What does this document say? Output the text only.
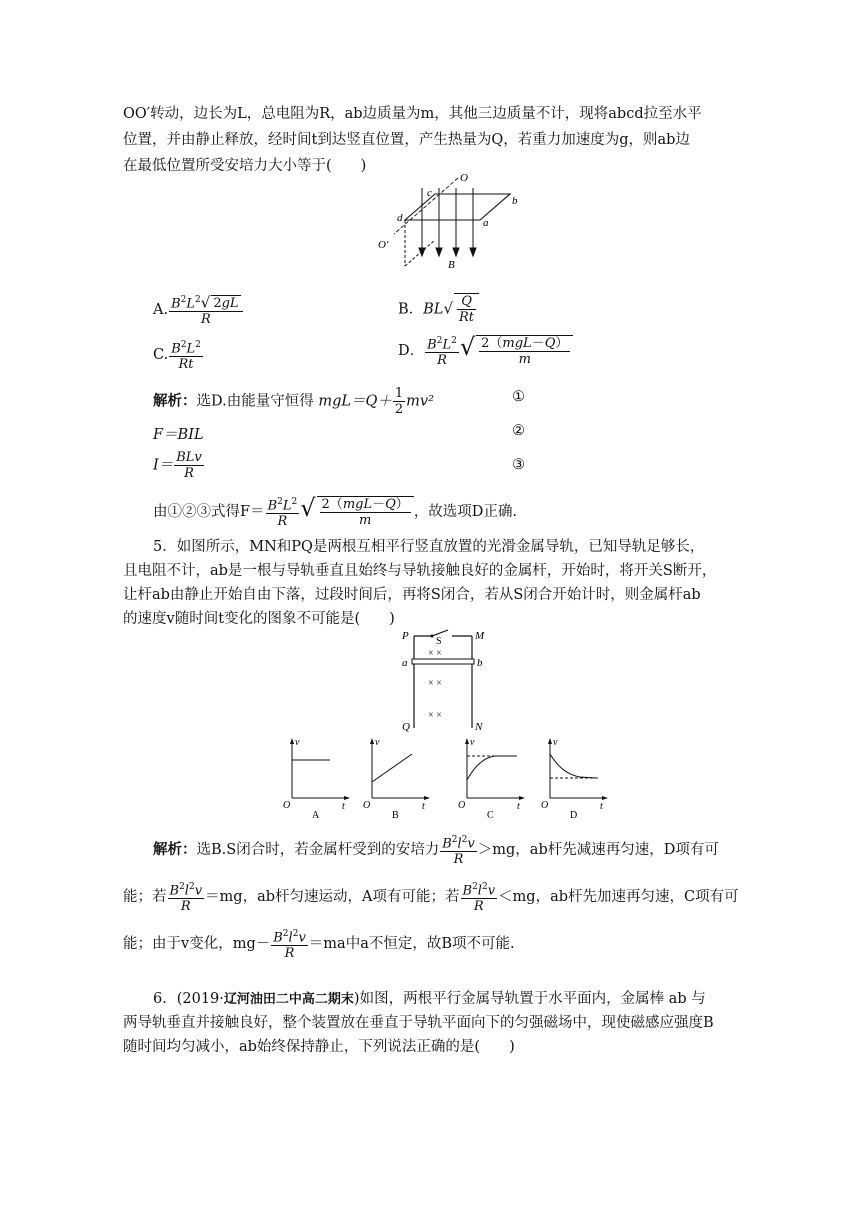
OO′转动，边长为L，总电阻为R，ab边质量为m，其他三边质量不计，现将abcd拉至水平
位置，并由静止释放，经时间t到达竖直位置，产生热量为Q，若重力加速度为g，则ab边
在最低位置所受安培力大小等于(　　)
O
O′
a
b
c
d
B
A. $\frac{B^2L^2√ 2gL}{R}$	B．$BL√ \frac{Q}{Rt}$
C. $\frac{B^2L^2}{Rt}$	D． $\frac{B^2L^2}{R}$ √ $\frac{\text{2（mgL－Q）}}{m}$
解析：选D.由能量守恒得 $mgL=Q+ \frac{1}{2} mv^2$	①
F＝BIL	②
$I= \frac{\text{BLv}}{R}$	③
由①②③式得$F= \frac{B^2L^2}{R}$ √ $\frac{\text{2（mgL－Q）}}{m}$ ，故选项D正确.
5．如图所示，MN和PQ是两根互相平行竖直放置的光滑金属导轨，已知导轨足够长，
且电阻不计，ab是一根与导轨垂直且始终与导轨接触良好的金属杆，开始时，将开关S断开，
让杆ab由静止开始自由下落，过段时间后，再将S闭合，若从S闭合开始计时，则金属杆ab
的速度v随时间t变化的图象不可能是(　　)
× ×
× ×
× ×
P	M
S
a	b
Q	N
v
t
O
A
v
t
O
B
v
t
O
C
v
t
O
D
解析：选B.S闭合时，若金属杆受到的安培力 $\frac{B^2l^2v}{R} >mg$，ab杆先减速再匀速，D项有可
能；若 $\frac{B^2l^2v}{R} =mg$，ab杆匀速运动，A项有可能；若 $\frac{B^2l^2v}{R} <mg$，ab杆先加速再匀速，C项有可
能；由于v变化，$mg- \frac{B^2l^2v}{R} =ma$中a不恒定，故B项不可能.
6．(2019·辽河油田二中高二期末)如图，两根平行金属导轨置于水平面内，金属棒 ab 与
两导轨垂直并接触良好，整个装置放在垂直于导轨平面向下的匀强磁场中，现使磁感应强度B
随时间均匀减小，ab始终保持静止，下列说法正确的是(　　)
